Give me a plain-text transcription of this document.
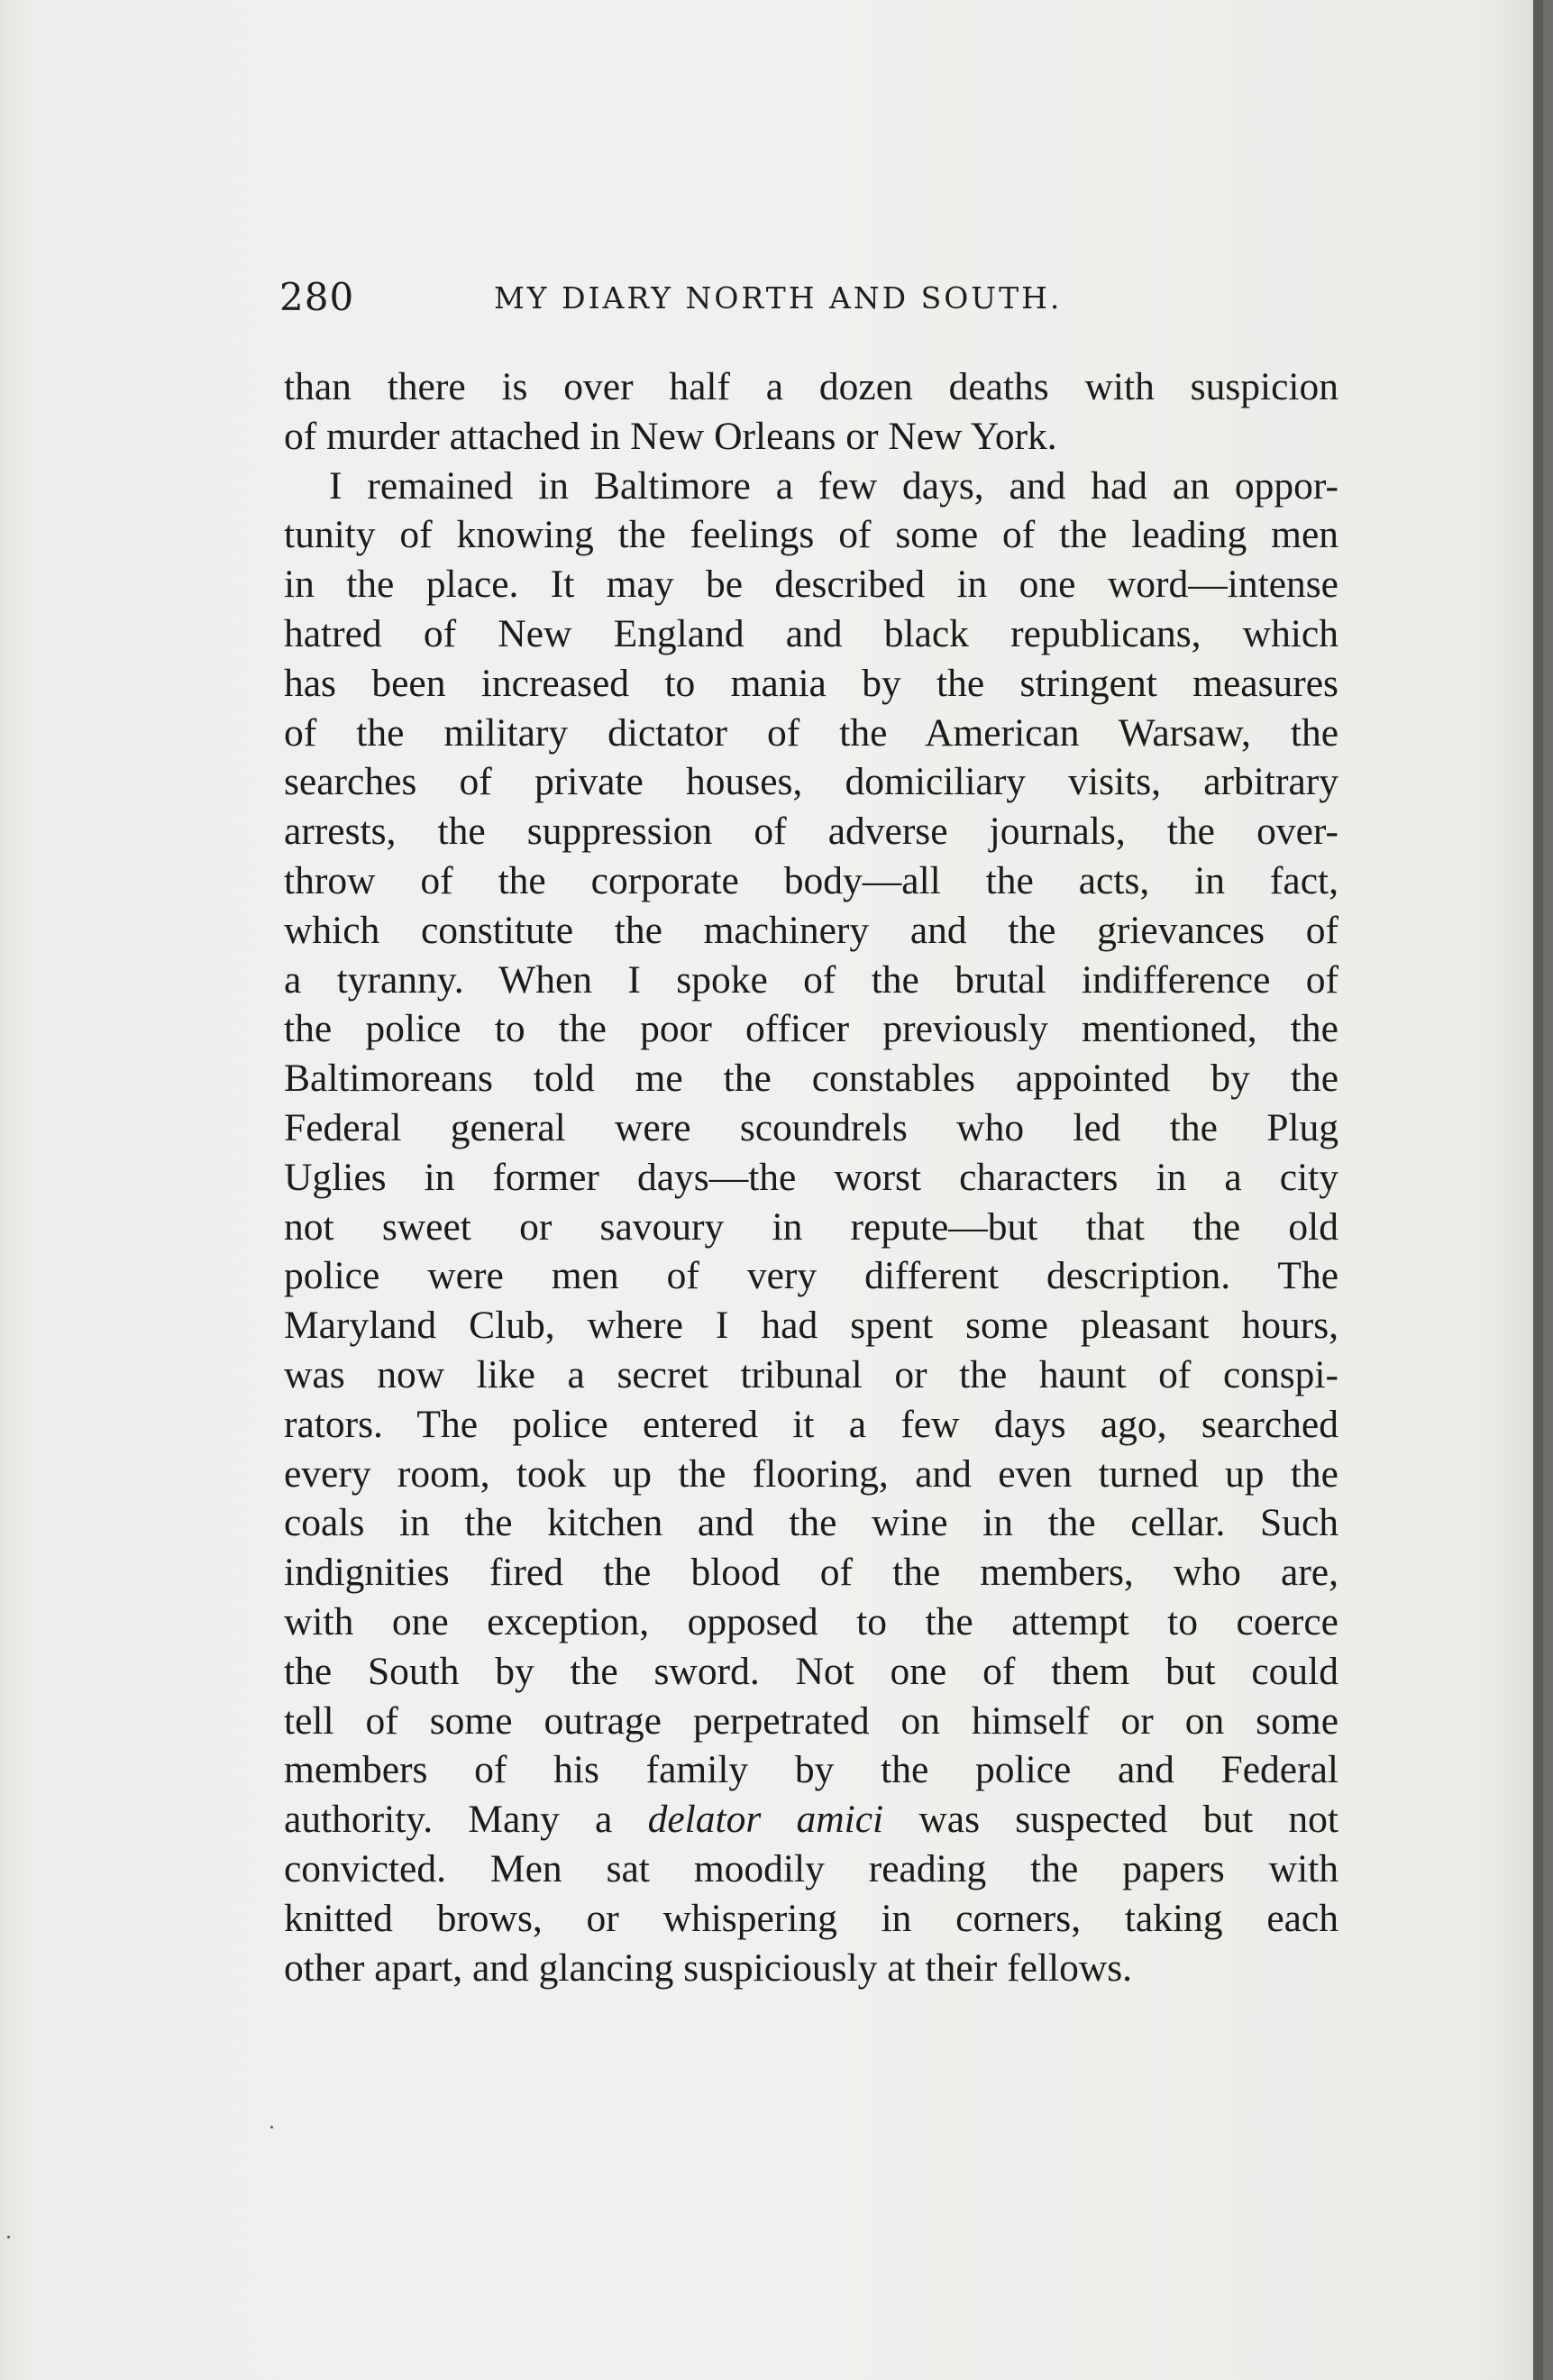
280	MY DIARY NORTH AND SOUTH.

than there is over half a dozen deaths with suspicion
of murder attached in New Orleans or New York.

I remained in Baltimore a few days, and had an oppor-
tunity of knowing the feelings of some of the leading men
in the place. It may be described in one word—intense
hatred of New England and black republicans, which
has been increased to mania by the stringent measures
of the military dictator of the American Warsaw, the
searches of private houses, domiciliary visits, arbitrary
arrests, the suppression of adverse journals, the over-
throw of the corporate body—all the acts, in fact,
which constitute the machinery and the grievances of
a tyranny. When I spoke of the brutal indifference of
the police to the poor officer previously mentioned, the
Baltimoreans told me the constables appointed by the
Federal general were scoundrels who led the Plug
Uglies in former days—the worst characters in a city
not sweet or savoury in repute—but that the old
police were men of very different description. The
Maryland Club, where I had spent some pleasant hours,
was now like a secret tribunal or the haunt of conspi-
rators. The police entered it a few days ago, searched
every room, took up the flooring, and even turned up the
coals in the kitchen and the wine in the cellar. Such
indignities fired the blood of the members, who are,
with one exception, opposed to the attempt to coerce
the South by the sword. Not one of them but could
tell of some outrage perpetrated on himself or on some
members of his family by the police and Federal
authority. Many a delator amici was suspected but not
convicted. Men sat moodily reading the papers with
knitted brows, or whispering in corners, taking each
other apart, and glancing suspiciously at their fellows.
